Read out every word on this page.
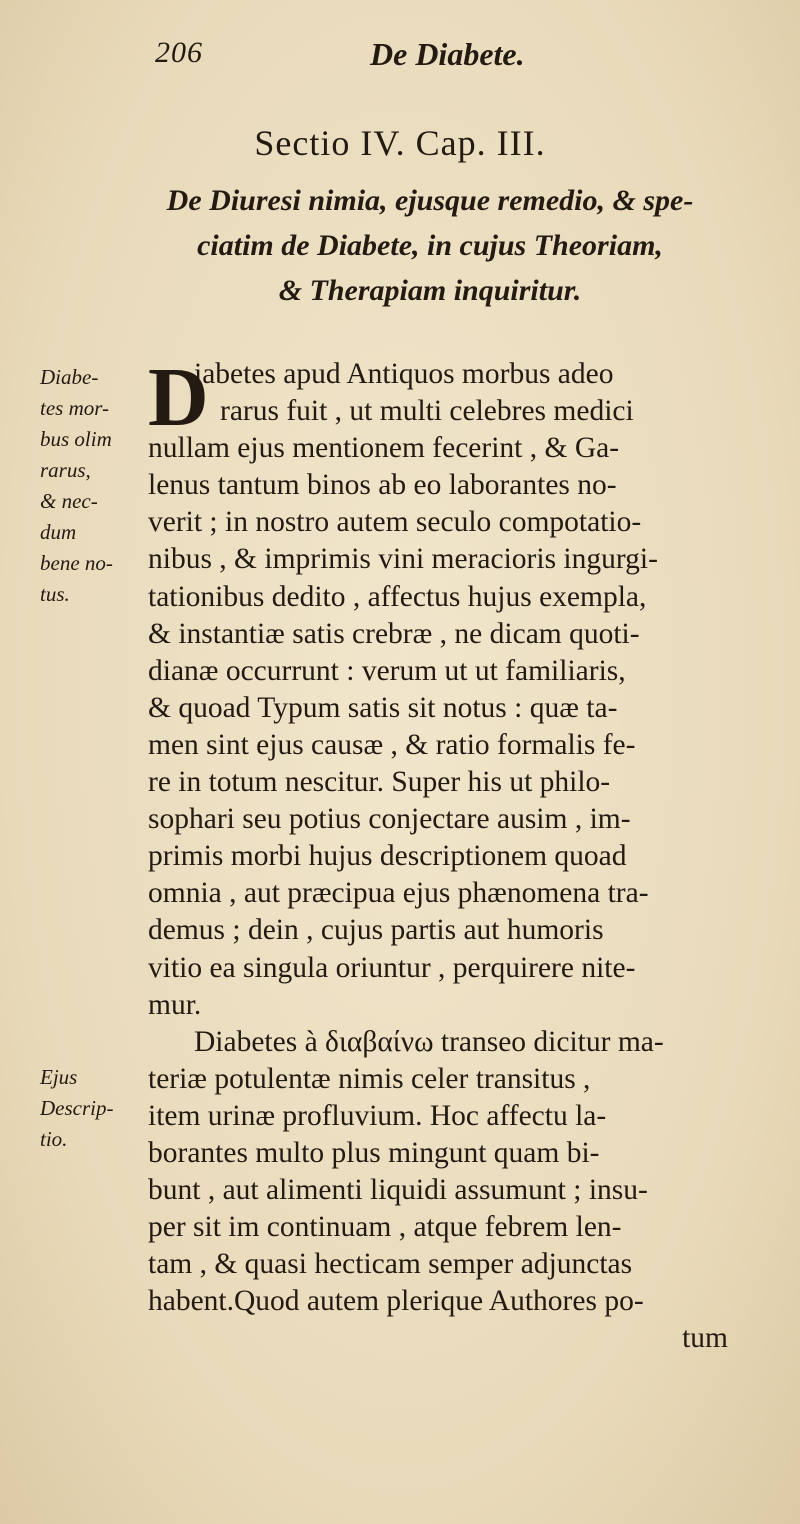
206	De Diabete.
Sectio IV. Cap. III.
De Diuresi nimia, ejusque remedio, & spe-
ciatim de Diabete, in cujus Theoriam,
& Therapiam inquiritur.
Diabe-
tes mor-
bus olim
rarus,
& nec-
dum
bene no-
tus.
Ejus
Descrip-
tio.
D
iabetes apud Antiquos morbus adeo
rarus fuit , ut multi celebres medici
nullam ejus mentionem fecerint , & Ga-
lenus tantum binos ab eo laborantes no-
verit ; in nostro autem seculo compotatio-
nibus , & imprimis vini meracioris ingurgi-
tationibus dedito , affectus hujus exempla,
& instantiæ satis crebræ , ne dicam quoti-
dianæ occurrunt : verum ut ut familiaris,
& quoad Typum satis sit notus : quæ ta-
men sint ejus causæ , & ratio formalis fe-
re in totum nescitur. Super his ut philo-
sophari seu potius conjectare ausim , im-
primis morbi hujus descriptionem quoad
omnia , aut præcipua ejus phænomena tra-
demus ; dein , cujus partis aut humoris
vitio ea singula oriuntur , perquirere nite-
mur.
Diabetes à διαβαίνω transeo dicitur ma-
teriæ potulentæ nimis celer transitus ,
item urinæ profluvium. Hoc affectu la-
borantes multo plus mingunt quam bi-
bunt , aut alimenti liquidi assumunt ; insu-
per sit im continuam , atque febrem len-
tam , & quasi hecticam semper adjunctas
habent.Quod autem plerique Authores po-
tum
